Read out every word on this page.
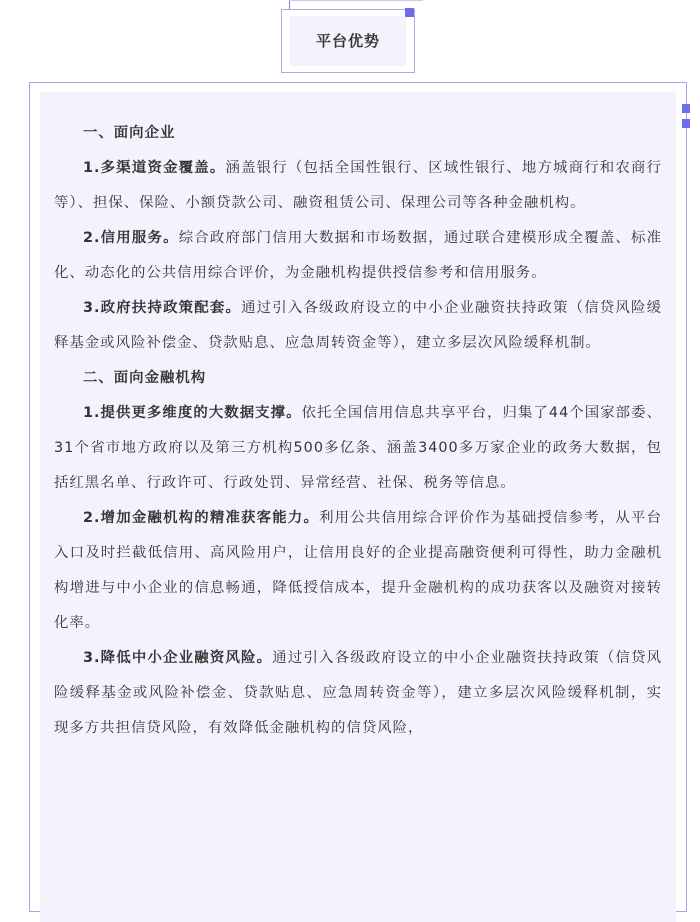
平台优势

一、面向企业

1.多渠道资金覆盖。涵盖银行（包括全国性银行、区域性银行、地方城商行和农商行等）、担保、保险、小额贷款公司、融资租赁公司、保理公司等各种金融机构。

2.信用服务。综合政府部门信用大数据和市场数据，通过联合建模形成全覆盖、标准化、动态化的公共信用综合评价，为金融机构提供授信参考和信用服务。

3.政府扶持政策配套。通过引入各级政府设立的中小企业融资扶持政策（信贷风险缓释基金或风险补偿金、贷款贴息、应急周转资金等），建立多层次风险缓释机制。

二、面向金融机构

1.提供更多维度的大数据支撑。依托全国信用信息共享平台，归集了44个国家部委、31个省市地方政府以及第三方机构500多亿条、涵盖3400多万家企业的政务大数据，包括红黑名单、行政许可、行政处罚、异常经营、社保、税务等信息。

2.增加金融机构的精准获客能力。利用公共信用综合评价作为基础授信参考，从平台入口及时拦截低信用、高风险用户，让信用良好的企业提高融资便利可得性，助力金融机构增进与中小企业的信息畅通，降低授信成本，提升金融机构的成功获客以及融资对接转化率。

3.降低中小企业融资风险。通过引入各级政府设立的中小企业融资扶持政策（信贷风险缓释基金或风险补偿金、贷款贴息、应急周转资金等），建立多层次风险缓释机制，实现多方共担信贷风险，有效降低金融机构的信贷风险，
